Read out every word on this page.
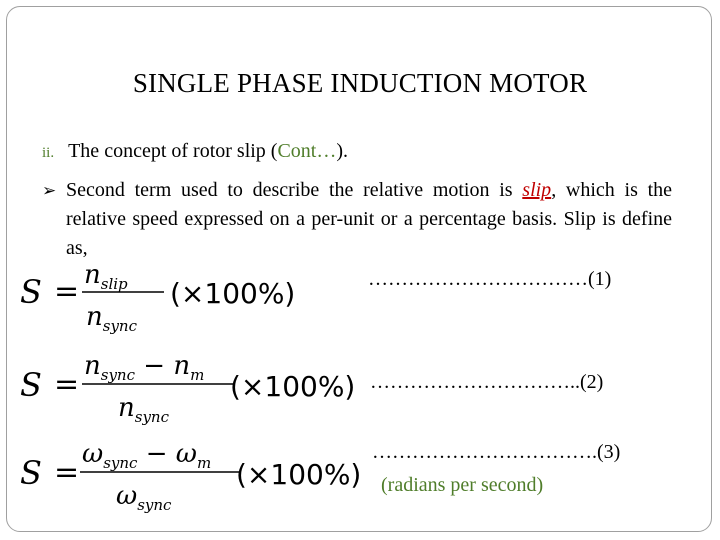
SINGLE PHASE INDUCTION MOTOR
ii. The concept of rotor slip (Cont…).
➢ Second term used to describe the relative motion is slip, which is the relative speed expressed on a per-unit or a percentage basis. Slip is define as,
$S = n_{slip}$
$n_{sync}$
(×100%)	……………………………(1)
S =
$n_{sync} - n_m$
$n_{sync}$
(×100%) …………………………..(2)
S =
$\omega_{sync} - \omega_m$
$\omega_{sync}$
(×100%)
…………………………….(3)
(radians per second)
